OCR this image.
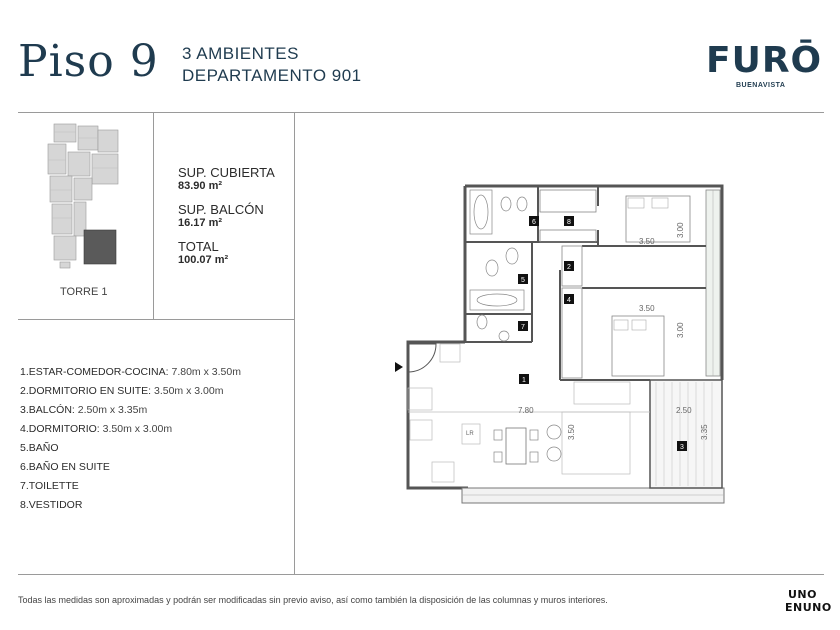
Piso 9 3 AMBIENTES
DEPARTAMENTO 901	FURŌ
BUENAVISTA
TORRE 1
SUP. CUBIERTA
83.90 m²
SUP. BALCÓN
16.17 m²
TOTAL
100.07 m²
1.ESTAR-COMEDOR-COCINA: 7.80m x 3.50m
2.DORMITORIO EN SUITE: 3.50m x 3.00m
3.BALCÓN: 2.50m x 3.35m
4.DORMITORIO: 3.50m x 3.00m
5.BAÑO
6.BAÑO EN SUITE
7.TOILETTE
8.VESTIDOR
3.50
3.00
3.50
3.00
7.80
3.50
2.50
3.35
LR
1
2
3
4
5
6
7
8
Todas las medidas son aproximadas y podrán ser modificadas sin previo aviso, así como también la disposición de las columnas y muros interiores.	UNO
ENUNO
